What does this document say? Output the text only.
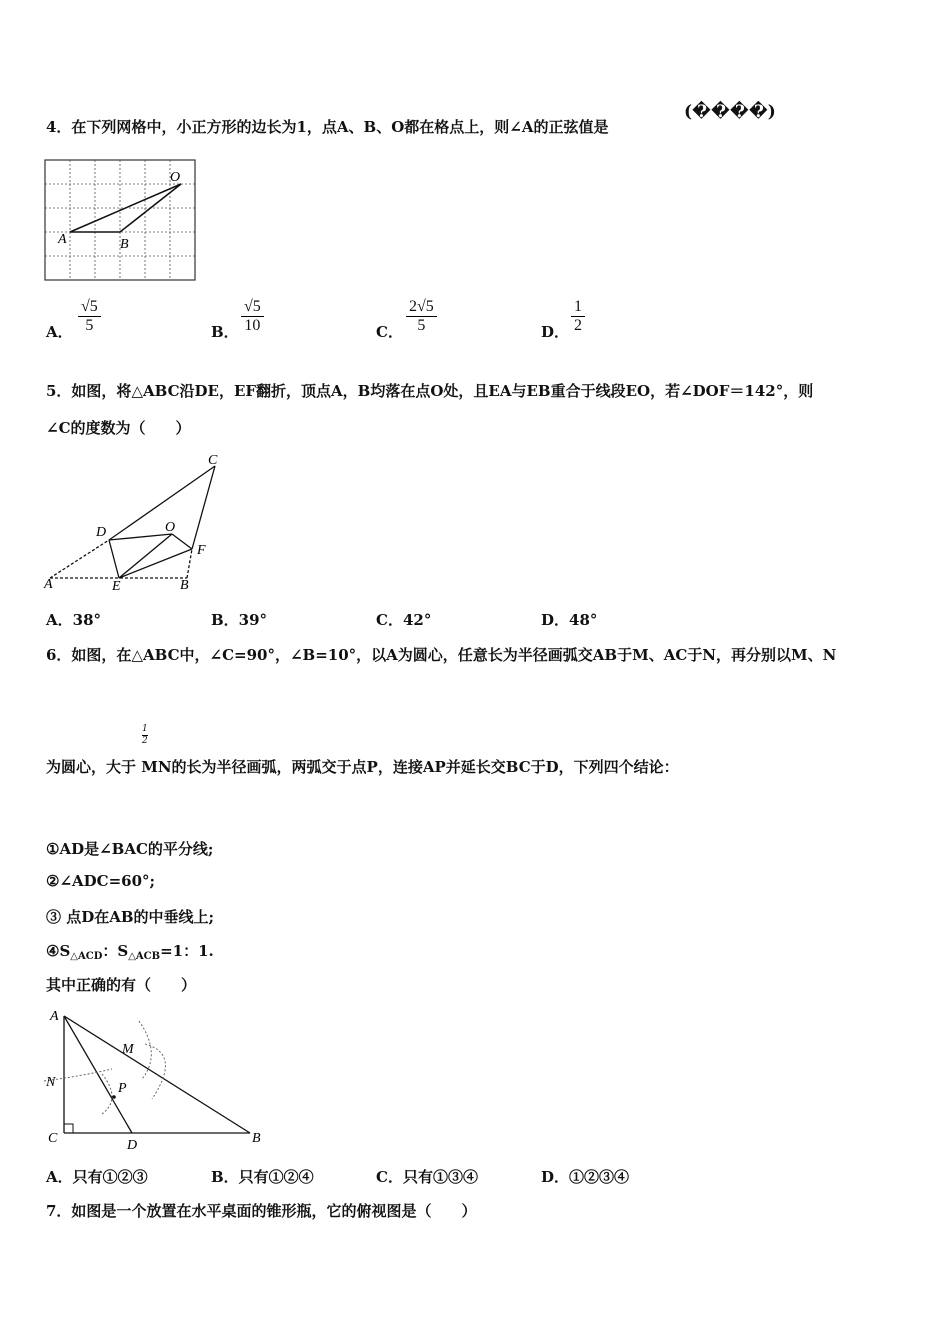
4．在下列网格中，小正方形的边长为1，点A、B、O都在格点上，则∠A的正弦值是
(����)
A	B
O
A． $\frac{√5}{5}$	B． $\frac{√5}{10}$	C． $\frac{2√5}{5}$	D． $\frac{1}{2}$
5．如图，将△ABC沿DE，EF翻折，顶点A，B均落在点O处，且EA与EB重合于线段EO，若∠DOF＝142°，则
∠C的度数为（　　）
C
D	O
F
A	E	B
A．38°	B．39°	C．42°	D．48°
6．如图，在△ABC中，∠C=90°，∠B=10°，以A为圆心，任意长为半径画弧交AB于M、AC于N，再分别以M、N
1
2
为圆心，大于 MN的长为半径画弧，两弧交于点P，连接AP并延长交BC于D，下列四个结论：
①AD是∠BAC的平分线;
②∠ADC=60°;
③ 点D在AB的中垂线上;
$④S_{\triangle ACD}$：$S_{\triangle ACB}=1$：1.
其中正确的有（　　）
A
M
N	P
C	D	B
A．只有①②③	B．只有①②④	C．只有①③④	D．①②③④
7．如图是一个放置在水平桌面的锥形瓶，它的俯视图是（　　）
